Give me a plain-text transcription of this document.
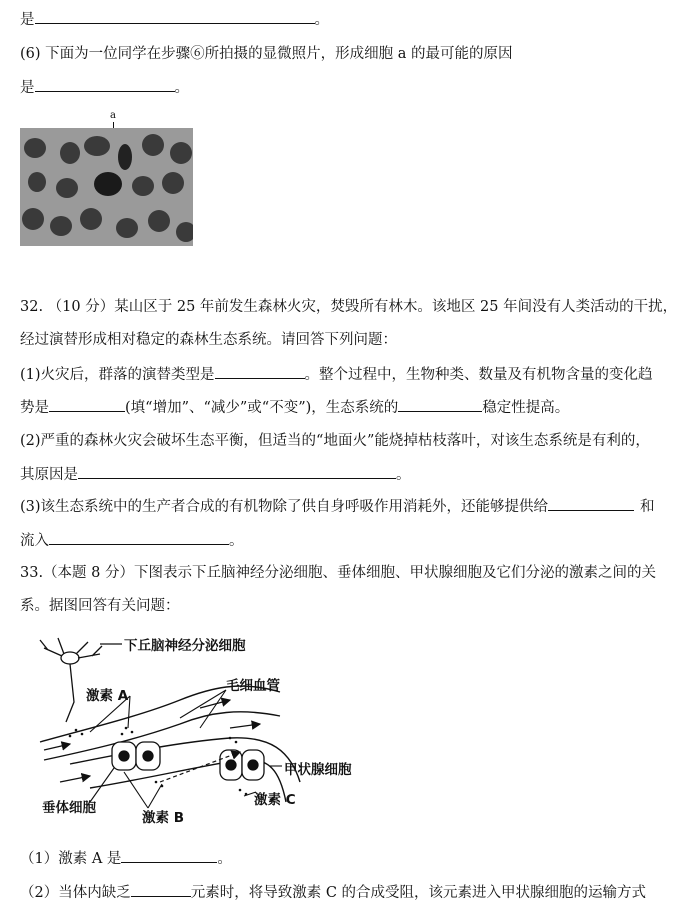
是	。
(6) 下面为一位同学在步骤⑥所拍摄的显微照片，形成细胞 a 的最可能的原因
是	。
a
32. （10 分）某山区于 25 年前发生森林火灾，焚毁所有林木。该地区 25 年间没有人类活动的干扰，
经过演替形成相对稳定的森林生态系统。请回答下列问题：
(1)火灾后，群落的演替类型是	。整个过程中，生物种类、数量及有机物含量的变化趋
势是	(填“增加”、“减少”或“不变”)，生态系统的	稳定性提高。
(2)严重的森林火灾会破坏生态平衡，但适当的“地面火”能烧掉枯枝落叶，对该生态系统是有利的，
其原因是	。
(3)该生态系统中的生产者合成的有机物除了供自身呼吸作用消耗外，还能够提供给	和
流入	。
33.（本题 8 分）下图表示下丘脑神经分泌细胞、垂体细胞、甲状腺细胞及它们分泌的激素之间的关
系。据图回答有关问题：
下丘脑神经分泌细胞
激素 A
毛细血管
甲状腺细胞
垂体细胞
激素 B
激素 C
（1）激素 A 是	。
（2）当体内缺乏	元素时，将导致激素 C 的合成受阻，该元素进入甲状腺细胞的运输方式
